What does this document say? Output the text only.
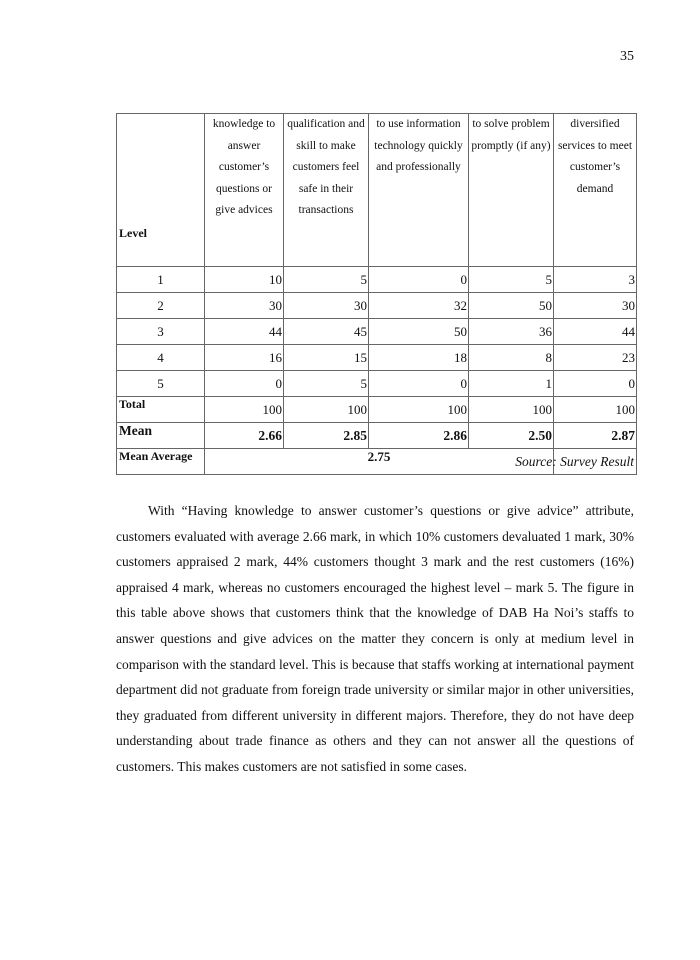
35
Level	knowledge to answer customer’s questions or give advices	qualification and skill to make customers feel safe in their transactions	to use information technology quickly and professionally	to solve problem promptly (if any)	diversified services to meet customer’s demand
1	10	5	0	5	3
2	30	30	32	50	30
3	44	45	50	36	44
4	16	15	18	8	23
5	0	5	0	1	0
Total	100	100	100	100	100
Mean	2.66	2.85	2.86	2.50	2.87
Mean Average	2.75					Source: Survey Result

With “Having knowledge to answer customer’s questions or give advice” attribute, customers evaluated with average 2.66 mark, in which 10% customers devaluated 1 mark, 30% customers appraised 2 mark, 44% customers thought 3 mark and the rest customers (16%) appraised 4 mark, whereas no customers encouraged the highest level – mark 5. The figure in this table above shows that customers think that the knowledge of DAB Ha Noi’s staffs to answer questions and give advices on the matter they concern is only at medium level in comparison with the standard level. This is because that staffs working at international payment department did not graduate from foreign trade university or similar major in other universities, they graduated from different university in different majors. Therefore, they do not have deep understanding about trade finance as others and they can not answer all the questions of customers. This makes customers are not satisfied in some cases.
